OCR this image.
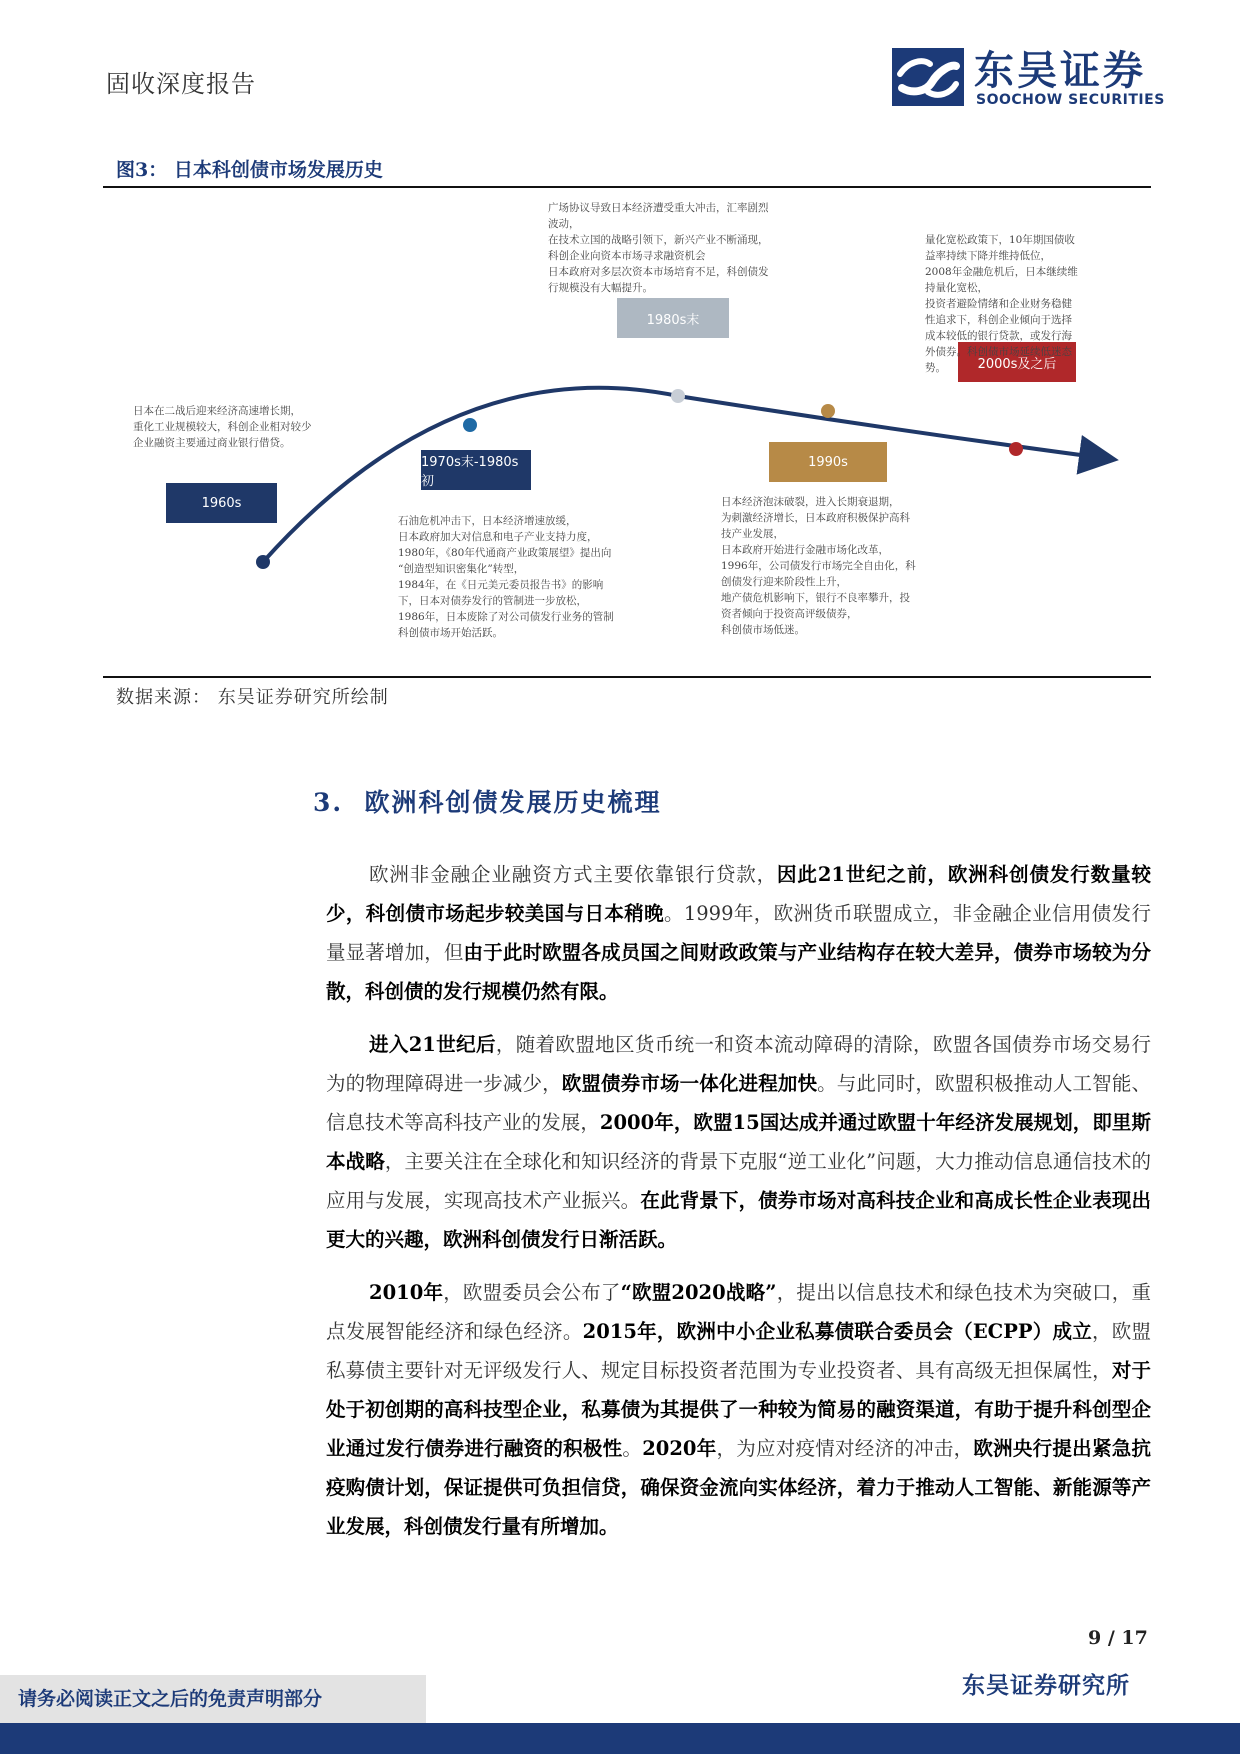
固收深度报告	东吴证券
SOOCHOW SECURITIES
图3： 日本科创债市场发展历史
1960s
1970s末-1980s初
1980s末
1990s
2000s及之后
日本在二战后迎来经济高速增长期，
重化工业规模较大，科创企业相对较少
企业融资主要通过商业银行借贷。
石油危机冲击下，日本经济增速放缓，
日本政府加大对信息和电子产业支持力度，
1980年，《80年代通商产业政策展望》提出向
“创造型知识密集化”转型，
1984年，在《日元美元委员报告书》的影响
下，日本对债券发行的管制进一步放松，
1986年，日本废除了对公司债发行业务的管制
科创债市场开始活跃。
广场协议导致日本经济遭受重大冲击，汇率剧烈
波动，
在技术立国的战略引领下，新兴产业不断涌现，
科创企业向资本市场寻求融资机会
日本政府对多层次资本市场培育不足，科创债发
行规模没有大幅提升。
日本经济泡沫破裂，进入长期衰退期，
为刺激经济增长，日本政府积极保护高科
技产业发展，
日本政府开始进行金融市场化改革，
1996年，公司债发行市场完全自由化，科
创债发行迎来阶段性上升，
地产债危机影响下，银行不良率攀升，投
资者倾向于投资高评级债券，
科创债市场低迷。
量化宽松政策下，10年期国债收
益率持续下降并维持低位，
2008年金融危机后，日本继续维
持量化宽松，
投资者避险情绪和企业财务稳健
性追求下，科创企业倾向于选择
成本较低的银行贷款，或发行海
外债券。科创债市场延续低迷态
势。
数据来源： 东吴证券研究所绘制
3. 欧洲科创债发展历史梳理

欧洲非金融企业融资方式主要依靠银行贷款，因此21世纪之前，欧洲科创债发行数量较少，科创债市场起步较美国与日本稍晚。1999年，欧洲货币联盟成立，非金融企业信用债发行量显著增加，但由于此时欧盟各成员国之间财政政策与产业结构存在较大差异，债券市场较为分散，科创债的发行规模仍然有限。

进入21世纪后，随着欧盟地区货币统一和资本流动障碍的清除，欧盟各国债券市场交易行为的物理障碍进一步减少，欧盟债券市场一体化进程加快。与此同时，欧盟积极推动人工智能、信息技术等高科技产业的发展，2000年，欧盟15国达成并通过欧盟十年经济发展规划，即里斯本战略，主要关注在全球化和知识经济的背景下克服“逆工业化”问题，大力推动信息通信技术的应用与发展，实现高技术产业振兴。在此背景下，债券市场对高科技企业和高成长性企业表现出更大的兴趣，欧洲科创债发行日渐活跃。

2010年，欧盟委员会公布了“欧盟2020战略”，提出以信息技术和绿色技术为突破口，重点发展智能经济和绿色经济。2015年，欧洲中小企业私募债联合委员会（ECPP）成立，欧盟私募债主要针对无评级发行人、规定目标投资者范围为专业投资者、具有高级无担保属性，对于处于初创期的高科技型企业，私募债为其提供了一种较为简易的融资渠道，有助于提升科创型企业通过发行债券进行融资的积极性。2020年，为应对疫情对经济的冲击，欧洲央行提出紧急抗疫购债计划，保证提供可负担信贷，确保资金流向实体经济，着力于推动人工智能、新能源等产业发展，科创债发行量有所增加。

9 / 17
东吴证券研究所
请务必阅读正文之后的免责声明部分
